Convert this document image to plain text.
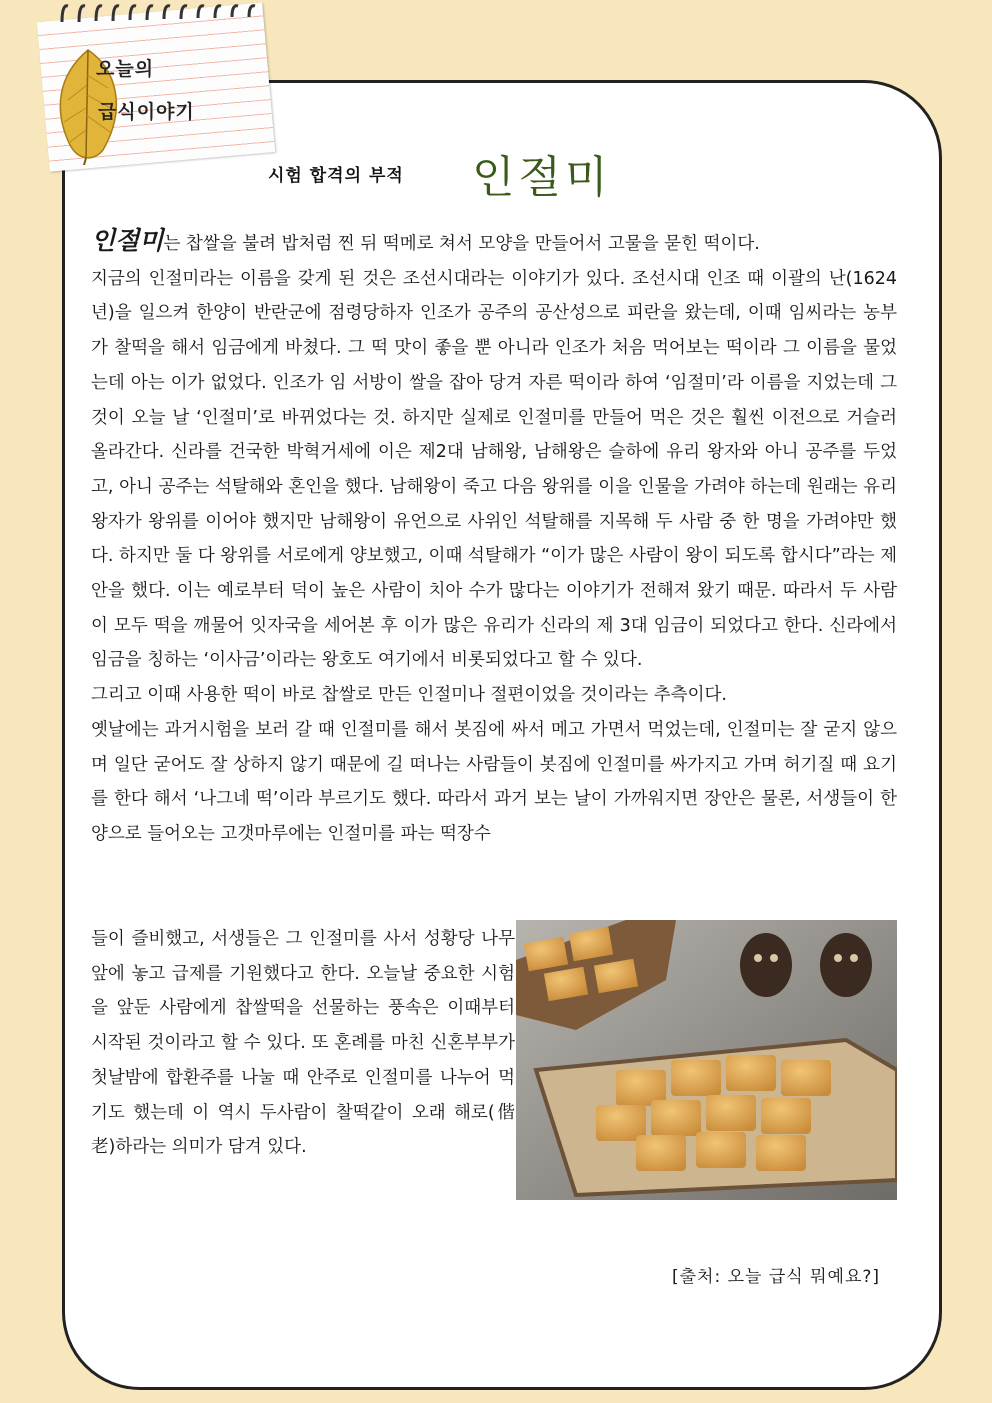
오늘의
급식이야기
시험 합격의 부적 인절미

인절미는 찹쌀을 불려 밥처럼 찐 뒤 떡메로 쳐서 모양을 만들어서 고물을 묻힌 떡이다.

지금의 인절미라는 이름을 갖게 된 것은 조선시대라는 이야기가 있다. 조선시대 인조 때 이괄의 난(1624년)을 일으켜 한양이 반란군에 점령당하자 인조가 공주의 공산성으로 피란을 왔는데, 이때 임씨라는 농부가 찰떡을 해서 임금에게 바쳤다. 그 떡 맛이 좋을 뿐 아니라 인조가 처음 먹어보는 떡이라 그 이름을 물었는데 아는 이가 없었다. 인조가 임 서방이 쌀을 잡아 당겨 자른 떡이라 하여 ‘임절미’라 이름을 지었는데 그것이 오늘 날 ‘인절미’로 바뀌었다는 것. 하지만 실제로 인절미를 만들어 먹은 것은 훨씬 이전으로 거슬러 올라간다. 신라를 건국한 박혁거세에 이은 제2대 남해왕, 남해왕은 슬하에 유리 왕자와 아니 공주를 두었고, 아니 공주는 석탈해와 혼인을 했다. 남해왕이 죽고 다음 왕위를 이을 인물을 가려야 하는데 원래는 유리 왕자가 왕위를 이어야 했지만 남해왕이 유언으로 사위인 석탈해를 지목해 두 사람 중 한 명을 가려야만 했다. 하지만 둘 다 왕위를 서로에게 양보했고, 이때 석탈해가 “이가 많은 사람이 왕이 되도록 합시다”라는 제안을 했다. 이는 예로부터 덕이 높은 사람이 치아 수가 많다는 이야기가 전해져 왔기 때문. 따라서 두 사람이 모두 떡을 깨물어 잇자국을 세어본 후 이가 많은 유리가 신라의 제 3대 임금이 되었다고 한다. 신라에서 임금을 칭하는 ‘이사금’이라는 왕호도 여기에서 비롯되었다고 할 수 있다.

그리고 이때 사용한 떡이 바로 찹쌀로 만든 인절미나 절편이었을 것이라는 추측이다.

옛날에는 과거시험을 보러 갈 때 인절미를 해서 봇짐에 싸서 메고 가면서 먹었는데, 인절미는 잘 굳지 않으며 일단 굳어도 잘 상하지 않기 때문에 길 떠나는 사람들이 봇짐에 인절미를 싸가지고 가며 허기질 때 요기를 한다 해서 ‘나그네 떡’이라 부르기도 했다. 따라서 과거 보는 날이 가까워지면 장안은 물론, 서생들이 한양으로 들어오는 고갯마루에는 인절미를 파는 떡장수

들이 즐비했고, 서생들은 그 인절미를 사서 성황당 나무 앞에 놓고 급제를 기원했다고 한다. 오늘날 중요한 시험을 앞둔 사람에게 찹쌀떡을 선물하는 풍속은 이때부터 시작된 것이라고 할 수 있다. 또 혼례를 마친 신혼부부가 첫날밤에 합환주를 나눌 때 안주로 인절미를 나누어 먹기도 했는데 이 역시 두사람이 찰떡같이 오래 해로(偕老)하라는 의미가 담겨 있다.
[출처: 오늘 급식 뭐예요?]
